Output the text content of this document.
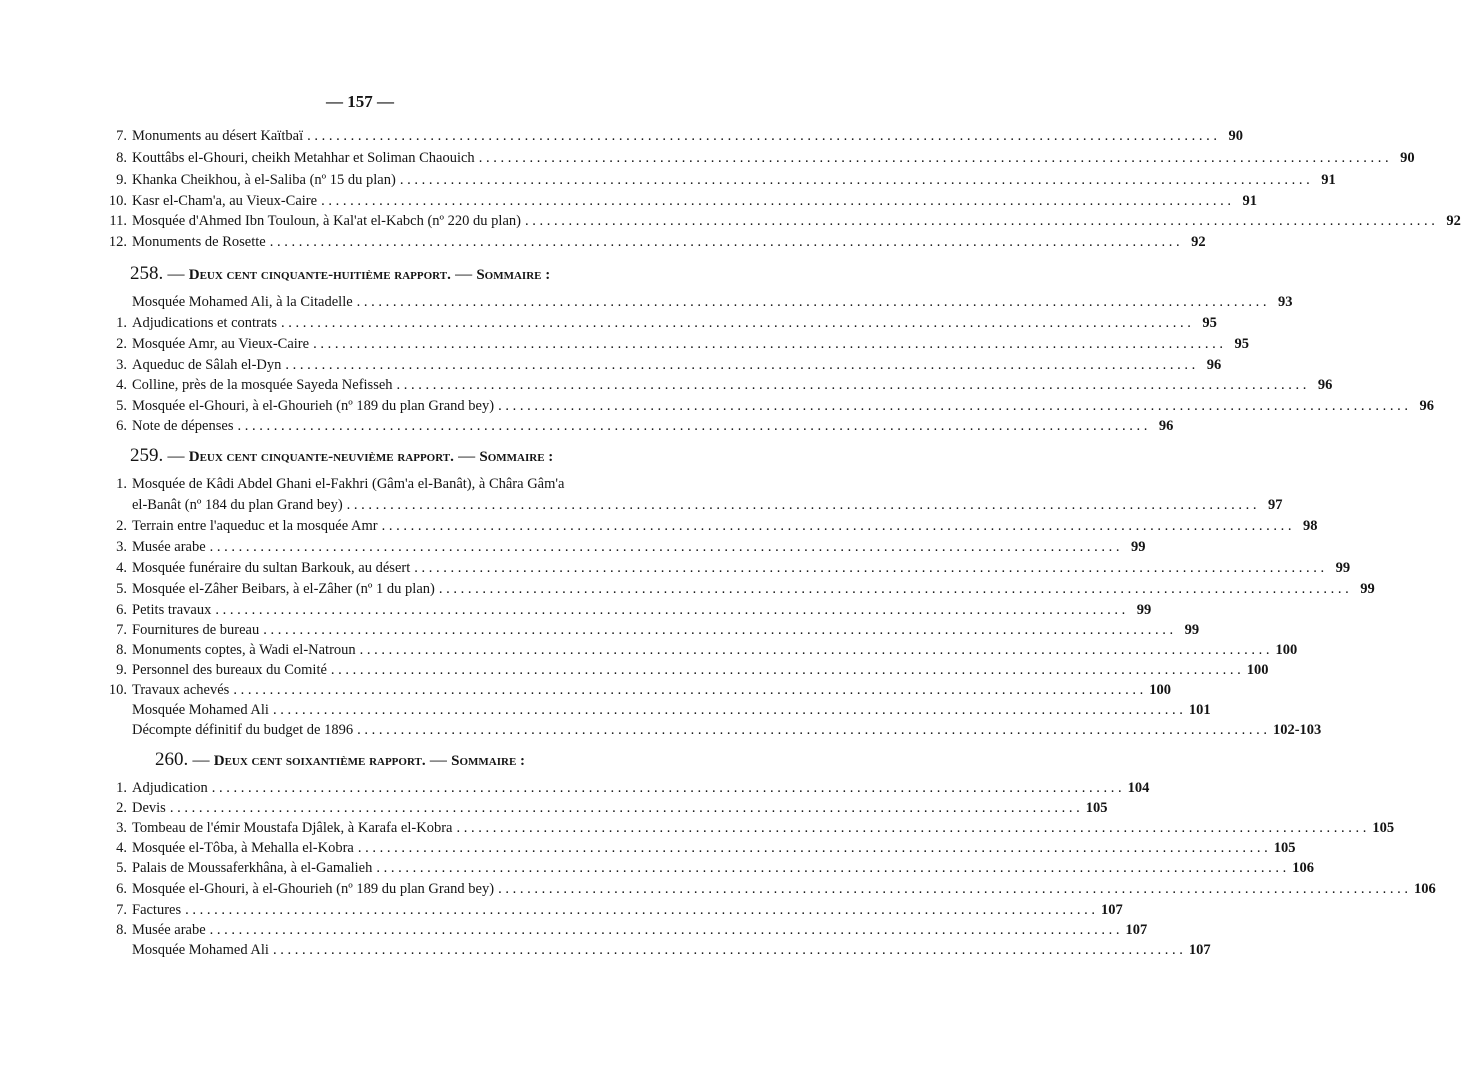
— 157 —
7. Monuments au désert Kaïtbaï . . .	90
8. Kouttâbs el-Ghouri, cheikh Metahhar et Soliman Chaouich . . .	90
9. Khanka Cheikhou, à el-Saliba (nº 15 du plan) . . .	91
10. Kasr el-Cham'a, au Vieux-Caire . . .	91
11. Mosquée d'Ahmed Ibn Touloun, à Kal'at el-Kabch (nº 220 du plan) . . .	92
12. Monuments de Rosette . . .	92
258. — Deux cent cinquante-huitième rapport. — Sommaire :
Mosquée Mohamed Ali, à la Citadelle . . .	93
1. Adjudications et contrats . . .	95
2. Mosquée Amr, au Vieux-Caire . . .	95
3. Aqueduc de Sâlah el-Dyn . . .	96
4. Colline, près de la mosquée Sayeda Nefisseh . . .	96
5. Mosquée el-Ghouri, à el-Ghourieh (nº 189 du plan Grand bey) . . .	96
6. Note de dépenses . . .	96
259. — Deux cent cinquante-neuvième rapport. — Sommaire :
1. Mosquée de Kâdi Abdel Ghani el-Fakhri (Gâm'a el-Banât), à Châra Gâm'a
el-Banât (nº 184 du plan Grand bey) . . .	97
2. Terrain entre l'aqueduc et la mosquée Amr . . .	98
3. Musée arabe . . .	99
4. Mosquée funéraire du sultan Barkouk, au désert . . .	99
5. Mosquée el-Zâher Beibars, à el-Zâher (nº 1 du plan) . . .	99
6. Petits travaux . . .	99
7. Fournitures de bureau . . .	99
8. Monuments coptes, à Wadi el-Natroun . . .	100
9. Personnel des bureaux du Comité . . .	100
10. Travaux achevés . . .	100
Mosquée Mohamed Ali . . .	101
Décompte définitif du budget de 1896 . . .	102-103
260. — Deux cent soixantième rapport. — Sommaire :
1. Adjudication . . .	104
2. Devis . . .	105
3. Tombeau de l'émir Moustafa Djâlek, à Karafa el-Kobra . . .	105
4. Mosquée el-Tôba, à Mehalla el-Kobra . . .	105
5. Palais de Moussaferkhâna, à el-Gamalieh . . .	106
6. Mosquée el-Ghouri, à el-Ghourieh (nº 189 du plan Grand bey) . . .	106
7. Factures . . .	107
8. Musée arabe . . .	107
Mosquée Mohamed Ali . . .	107
